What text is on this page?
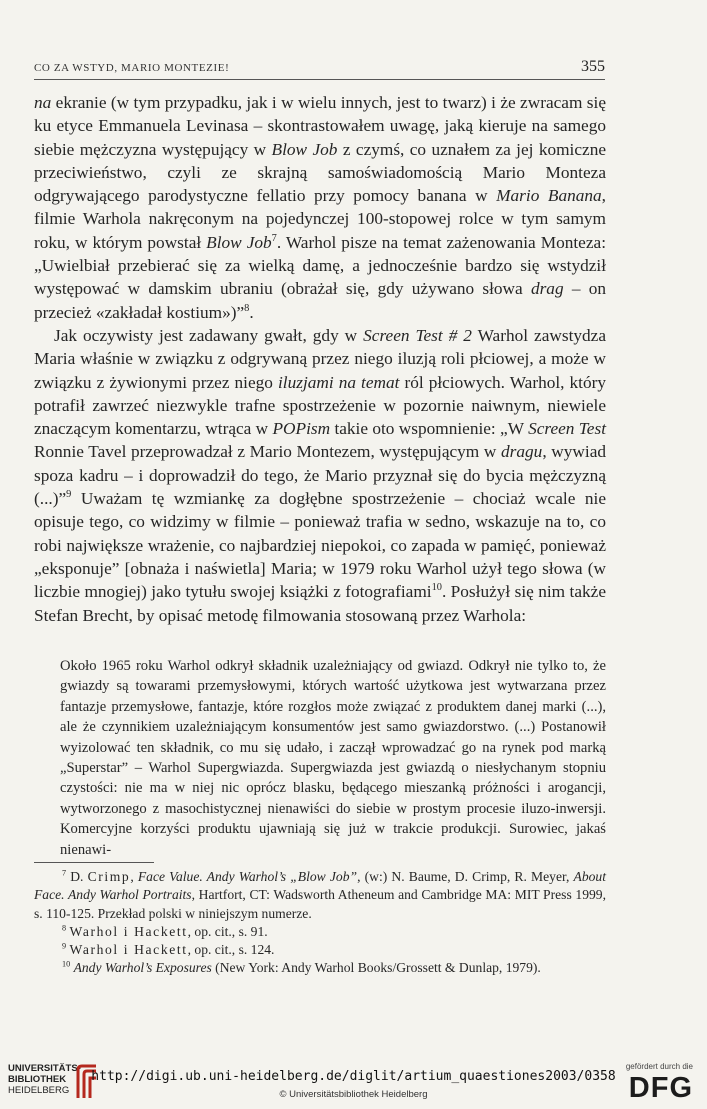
CO ZA WSTYD, MARIO MONTEZIE!	355

na ekranie (w tym przypadku, jak i w wielu innych, jest to twarz) i że zwracam się ku etyce Emmanuela Levinasa – skontrastowałem uwagę, jaką kieruje na samego siebie mężczyzna występujący w Blow Job z czymś, co uznałem za jej komiczne przeciwieństwo, czyli ze skrajną samoświadomością Mario Monteza odgrywającego parodystyczne fellatio przy pomocy banana w Mario Banana, filmie Warhola nakręconym na pojedynczej 100-stopowej rolce w tym samym roku, w którym powstał Blow Job$^7$. Warhol pisze na temat zażenowania Monteza: „Uwielbiał przebierać się za wielką damę, a jednocześnie bardzo się wstydził występować w damskim ubraniu (obrażał się, gdy używano słowa drag – on przecież «zakładał kostium»)”$^8$.

Jak oczywisty jest zadawany gwałt, gdy w Screen Test # 2 Warhol zawstydza Maria właśnie w związku z odgrywaną przez niego iluzją roli płciowej, a może w związku z żywionymi przez niego iluzjami na temat ról płciowych. Warhol, który potrafił zawrzeć niezwykle trafne spostrzeżenie w pozornie naiwnym, niewiele znaczącym komentarzu, wtrąca w POPism takie oto wspomnienie: „W Screen Test Ronnie Tavel przeprowadzał z Mario Montezem, występującym w dragu, wywiad spoza kadru – i doprowadził do tego, że Mario przyznał się do bycia mężczyzną (...)”$^9$ Uważam tę wzmiankę za dogłębne spostrzeżenie – chociaż wcale nie opisuje tego, co widzimy w filmie – ponieważ trafia w sedno, wskazuje na to, co robi największe wrażenie, co najbardziej niepokoi, co zapada w pamięć, ponieważ „eksponuje” [obnaża i naświetla] Maria; w 1979 roku Warhol użył tego słowa (w liczbie mnogiej) jako tytułu swojej książki z fotografiami$^{10}$. Posłużył się nim także Stefan Brecht, by opisać metodę filmowania stosowaną przez Warhola:

Około 1965 roku Warhol odkrył składnik uzależniający od gwiazd. Odkrył nie tylko to, że gwiazdy są towarami przemysłowymi, których wartość użytkowa jest wytwarzana przez fantazje przemysłowe, fantazje, które rozgłos może związać z produktem danej marki (...), ale że czynnikiem uzależniającym konsumentów jest samo gwiazdorstwo. (...) Postanowił wyizolować ten składnik, co mu się udało, i zaczął wprowadzać go na rynek pod marką „Superstar” – Warhol Supergwiazda. Supergwiazda jest gwiazdą o niesłychanym stopniu czystości: nie ma w niej nic oprócz blasku, będącego mieszanką próżności i arogancji, wytworzonego z masochistycznej nienawiści do siebie w prostym procesie iluzo-inwersji. Komercyjne korzyści produktu ujawniają się już w trakcie produkcji. Surowiec, jakaś nienawi-

$^7$ D. Crimp, Face Value. Andy Warhol’s „Blow Job”, (w:) N. Baume, D. Crimp, R. Meyer, About Face. Andy Warhol Portraits, Hartfort, CT: Wadsworth Atheneum and Cambridge MA: MIT Press 1999, s. 110-125. Przekład polski w niniejszym numerze.

$^8$ Warhol i Hackett, op. cit., s. 91.

$^9$ Warhol i Hackett, op. cit., s. 124.

$^{10}$ Andy Warhol’s Exposures (New York: Andy Warhol Books/Grossett & Dunlap, 1979).

UNIVERSITÄTS-
BIBLIOTHEK
HEIDELBERG
http://digi.ub.uni-heidelberg.de/diglit/artium_quaestiones2003/0358
© Universitätsbibliothek Heidelberg
gefördert durch die
DFG
